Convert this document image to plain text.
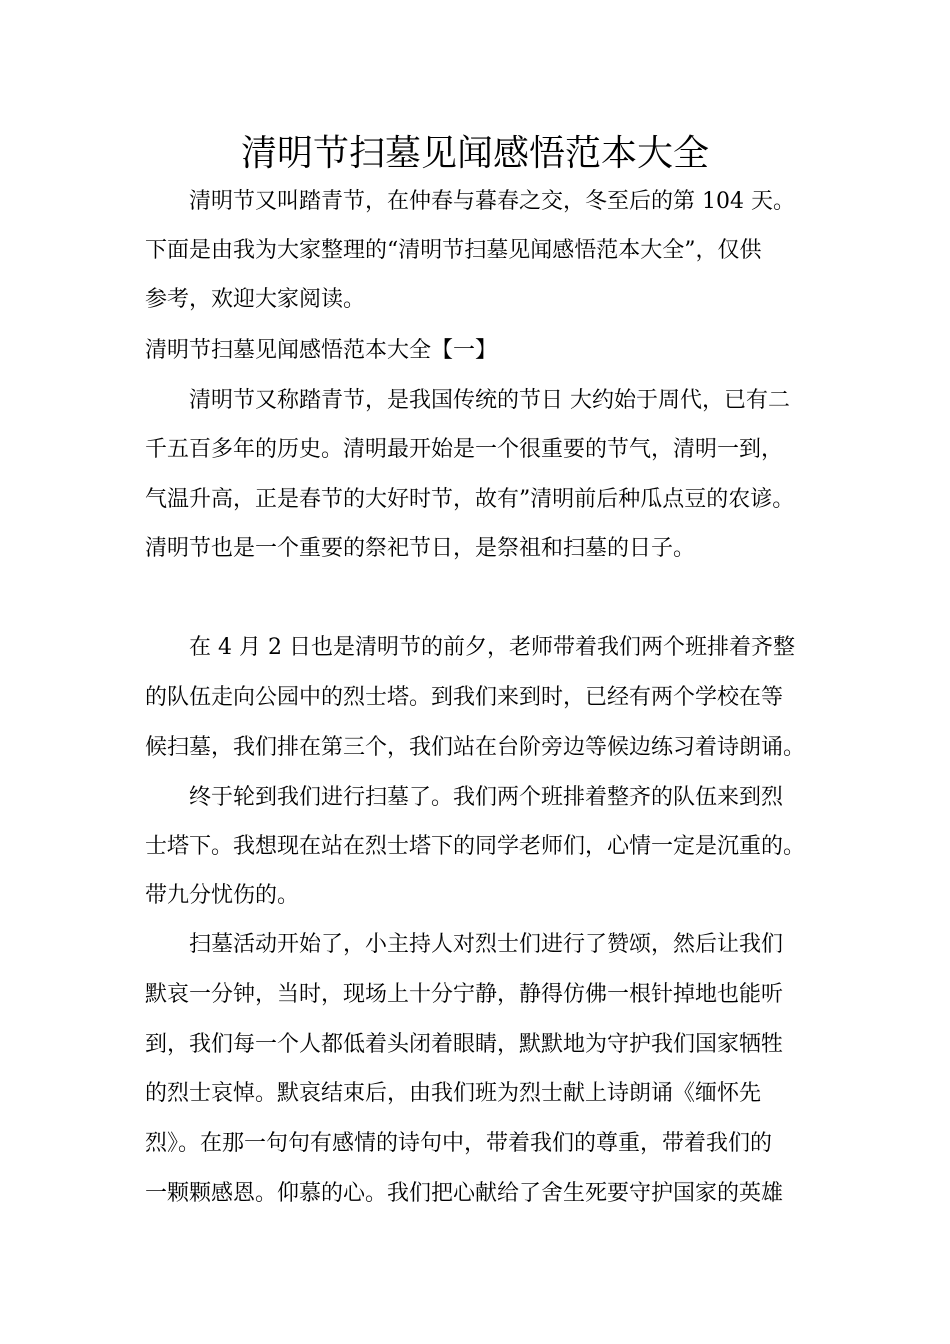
清明节扫墓见闻感悟范本大全
清明节又叫踏青节，在仲春与暮春之交，冬至后的第 104 天。
下面是由我为大家整理的“清明节扫墓见闻感悟范本大全”，仅供
参考，欢迎大家阅读。
清明节扫墓见闻感悟范本大全【一】
清明节又称踏青节，是我国传统的节日 大约始于周代，已有二
千五百多年的历史。清明最开始是一个很重要的节气，清明一到，
气温升高，正是春节的大好时节，故有”清明前后种瓜点豆的农谚。
清明节也是一个重要的祭祀节日，是祭祖和扫墓的日子。
在 4 月 2 日也是清明节的前夕，老师带着我们两个班排着齐整
的队伍走向公园中的烈士塔。到我们来到时，已经有两个学校在等
候扫墓，我们排在第三个，我们站在台阶旁边等候边练习着诗朗诵。
终于轮到我们进行扫墓了。我们两个班排着整齐的队伍来到烈
士塔下。我想现在站在烈士塔下的同学老师们，心情一定是沉重的。
带九分忧伤的。
扫墓活动开始了，小主持人对烈士们进行了赞颂，然后让我们
默哀一分钟，当时，现场上十分宁静，静得仿佛一根针掉地也能听
到，我们每一个人都低着头闭着眼睛，默默地为守护我们国家牺牲
的烈士哀悼。默哀结束后，由我们班为烈士献上诗朗诵《缅怀先
烈》。在那一句句有感情的诗句中，带着我们的尊重，带着我们的
一颗颗感恩。仰慕的心。我们把心献给了舍生死要守护国家的英雄
